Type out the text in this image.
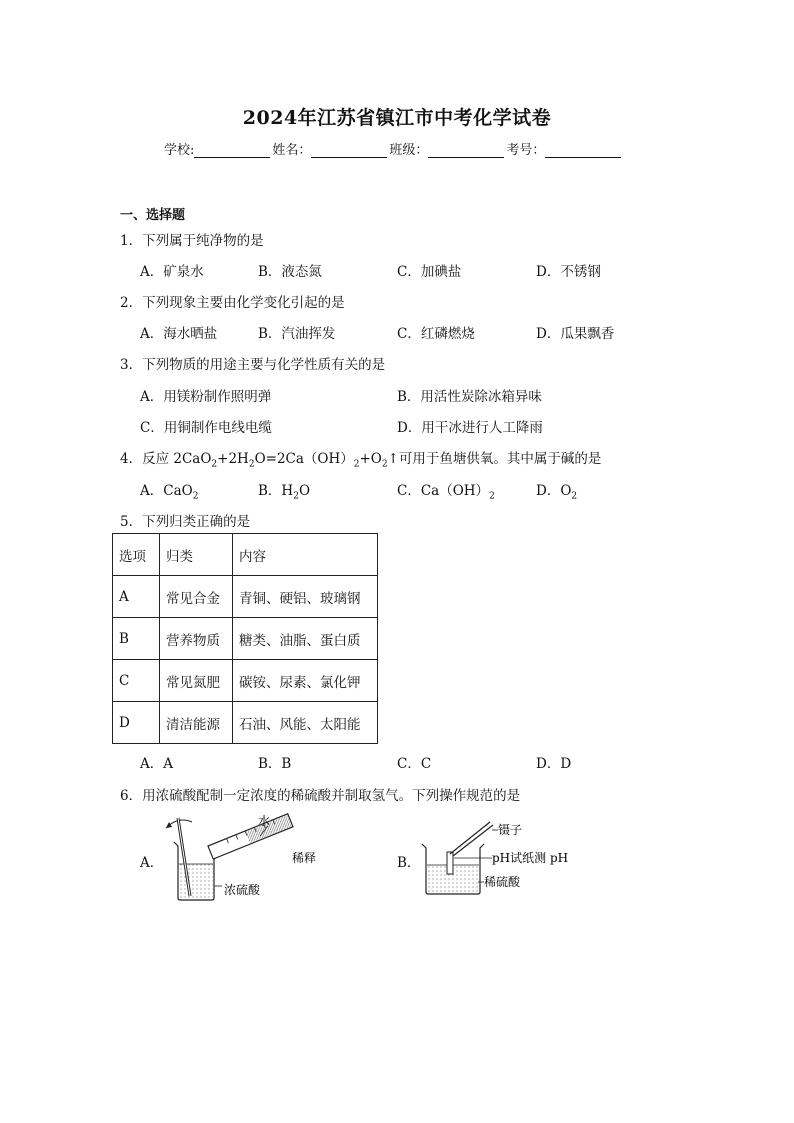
2024年江苏省镇江市中考化学试卷
学校:	姓名：	班级：	考号：
一、选择题
1．下列属于纯净物的是
A．矿泉水	B．液态氮	C．加碘盐	D．不锈钢
2．下列现象主要由化学变化引起的是
A．海水晒盐	B．汽油挥发	C．红磷燃烧	D．瓜果飘香
3．下列物质的用途主要与化学性质有关的是
A．用镁粉制作照明弹	B．用活性炭除冰箱异味
C．用铜制作电线电缆	D．用干冰进行人工降雨
4．反应 $2CaO_2+2H_2O=2Ca(OH)_2+O_2↑$可用于鱼塘供氧。其中属于碱的是
A．CaO$_2$	B．$H_2O$	C．$Ca(OH)_2$	D．$O_2$
5．下列归类正确的是
选项	归类	内容
A	常见合金	青铜、硬铝、玻璃钢
B	营养物质	糖类、油脂、蛋白质
C	常见氮肥	碳铵、尿素、氯化钾
D	清洁能源	石油、风能、太阳能
A．A	B．B	C．C	D．D
6．用浓硫酸配制一定浓度的稀硫酸并制取氢气。下列操作规范的是
A．	B．
水
稀释
浓硫酸
镊子
pH试纸测 pH
稀硫酸
